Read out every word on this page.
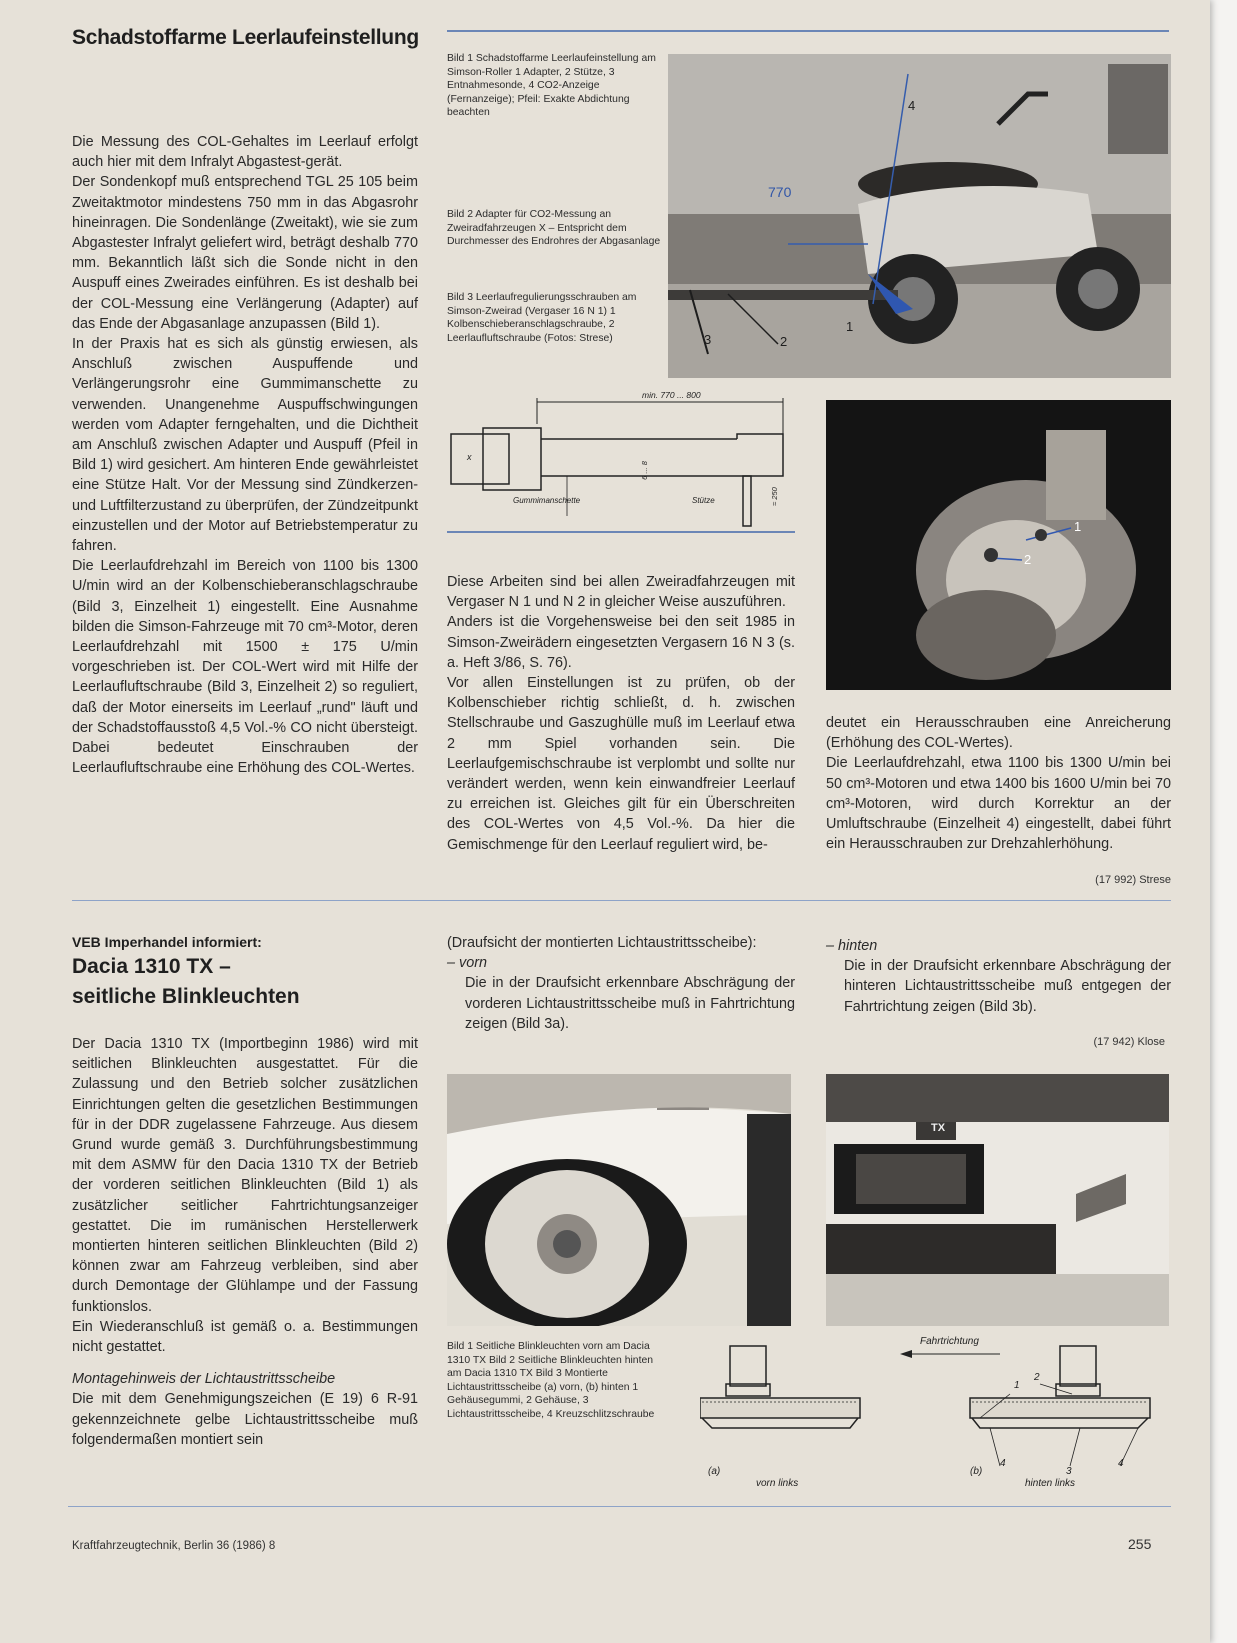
Schadstoffarme Leerlaufeinstellung

Die Messung des COL-Gehaltes im Leerlauf erfolgt auch hier mit dem Infralyt Abgastest-gerät.

Der Sondenkopf muß entsprechend TGL 25 105 beim Zweitaktmotor mindestens 750 mm in das Abgasrohr hineinragen. Die Sondenlänge (Zweitakt), wie sie zum Abgastester Infralyt geliefert wird, beträgt deshalb 770 mm. Bekanntlich läßt sich die Sonde nicht in den Auspuff eines Zweirades einführen. Es ist deshalb bei der COL-Messung eine Verlängerung (Adapter) auf das Ende der Abgasanlage anzupassen (Bild 1).

In der Praxis hat es sich als günstig erwiesen, als Anschluß zwischen Auspuffende und Verlängerungsrohr eine Gummimanschette zu verwenden. Unangenehme Auspuffschwingungen werden vom Adapter ferngehalten, und die Dichtheit am Anschluß zwischen Adapter und Auspuff (Pfeil in Bild 1) wird gesichert. Am hinteren Ende gewährleistet eine Stütze Halt. Vor der Messung sind Zündkerzen- und Luftfilterzustand zu überprüfen, der Zündzeitpunkt einzustellen und der Motor auf Betriebstemperatur zu fahren.

Die Leerlaufdrehzahl im Bereich von 1100 bis 1300 U/min wird an der Kolbenschieberanschlagschraube (Bild 3, Einzelheit 1) eingestellt. Eine Ausnahme bilden die Simson-Fahrzeuge mit 70 cm³-Motor, deren Leerlaufdrehzahl mit 1500 ± 175 U/min vorgeschrieben ist. Der COL-Wert wird mit Hilfe der Leerlaufluftschraube (Bild 3, Einzelheit 2) so reguliert, daß der Motor einerseits im Leerlauf „rund" läuft und der Schadstoffausstoß 4,5 Vol.-% CO nicht übersteigt. Dabei bedeutet Einschrauben der Leerlaufluftschraube eine Erhöhung des COL-Wertes.

Bild 1 Schadstoffarme Leerlaufeinstellung am Simson-Roller 1 Adapter, 2 Stütze, 3 Entnahmesonde, 4 CO2-Anzeige (Fernanzeige); Pfeil: Exakte Abdichtung beachten
Bild 2 Adapter für CO2-Messung an Zweiradfahrzeugen X – Entspricht dem Durchmesser des Endrohres der Abgasanlage
Bild 3 Leerlaufregulierungsschrauben am Simson-Zweirad (Vergaser 16 N 1) 1 Kolbenschieberanschlagschraube, 2 Leerlaufluftschraube (Fotos: Strese)
770
1
2
3
4
min. 770 ... 800
Gummimanschette	Stütze
x
6 ... 8
≈ 250
1
2

Diese Arbeiten sind bei allen Zweiradfahrzeugen mit Vergaser N 1 und N 2 in gleicher Weise auszuführen.

Anders ist die Vorgehensweise bei den seit 1985 in Simson-Zweirädern eingesetzten Vergasern 16 N 3 (s. a. Heft 3/86, S. 76).

Vor allen Einstellungen ist zu prüfen, ob der Kolbenschieber richtig schließt, d. h. zwischen Stellschraube und Gaszughülle muß im Leerlauf etwa 2 mm Spiel vorhanden sein. Die Leerlaufgemischschraube ist verplombt und sollte nur verändert werden, wenn kein einwandfreier Leerlauf zu erreichen ist. Gleiches gilt für ein Überschreiten des COL-Wertes von 4,5 Vol.-%. Da hier die Gemischmenge für den Leerlauf reguliert wird, be-

deutet ein Herausschrauben eine Anreicherung (Erhöhung des COL-Wertes).

Die Leerlaufdrehzahl, etwa 1100 bis 1300 U/min bei 50 cm³-Motoren und etwa 1400 bis 1600 U/min bei 70 cm³-Motoren, wird durch Korrektur an der Umluftschraube (Einzelheit 4) eingestellt, dabei führt ein Herausschrauben zur Drehzahlerhöhung.

(17 992) Strese
VEB Imperhandel informiert:
Dacia 1310 TX –
seitliche Blinkleuchten

Der Dacia 1310 TX (Importbeginn 1986) wird mit seitlichen Blinkleuchten ausgestattet. Für die Zulassung und den Betrieb solcher zusätzlichen Einrichtungen gelten die gesetzlichen Bestimmungen für in der DDR zugelassene Fahrzeuge. Aus diesem Grund wurde gemäß 3. Durchführungsbestimmung mit dem ASMW für den Dacia 1310 TX der Betrieb der vorderen seitlichen Blinkleuchten (Bild 1) als zusätzlicher seitlicher Fahrtrichtungsanzeiger gestattet. Die im rumänischen Herstellerwerk montierten hinteren seitlichen Blinkleuchten (Bild 2) können zwar am Fahrzeug verbleiben, sind aber durch Demontage der Glühlampe und der Fassung funktionslos.

Ein Wiederanschluß ist gemäß o. a. Bestimmungen nicht gestattet.

Montagehinweis der Lichtaustrittsscheibe

Die mit dem Genehmigungszeichen (E 19) 6 R-91 gekennzeichnete gelbe Lichtaustrittsscheibe muß folgendermaßen montiert sein

(Draufsicht der montierten Lichtaustrittsscheibe):

– vorn

Die in der Draufsicht erkennbare Abschrägung der vorderen Lichtaustrittsscheibe muß in Fahrtrichtung zeigen (Bild 3a).

– hinten

Die in der Draufsicht erkennbare Abschrägung der hinteren Lichtaustrittsscheibe muß entgegen der Fahrtrichtung zeigen (Bild 3b).

(17 942) Klose
TX
Bild 1 Seitliche Blinkleuchten vorn am Dacia 1310 TX Bild 2 Seitliche Blinkleuchten hinten am Dacia 1310 TX Bild 3 Montierte Lichtaustrittsscheibe (a) vorn, (b) hinten 1 Gehäusegummi, 2 Gehäuse, 3 Lichtaustrittsscheibe, 4 Kreuzschlitzschraube
Fahrtrichtung
(a)	(b)
vorn links	hinten links
1
2
3
4	4
Kraftfahrzeugtechnik, Berlin 36 (1986) 8	255
